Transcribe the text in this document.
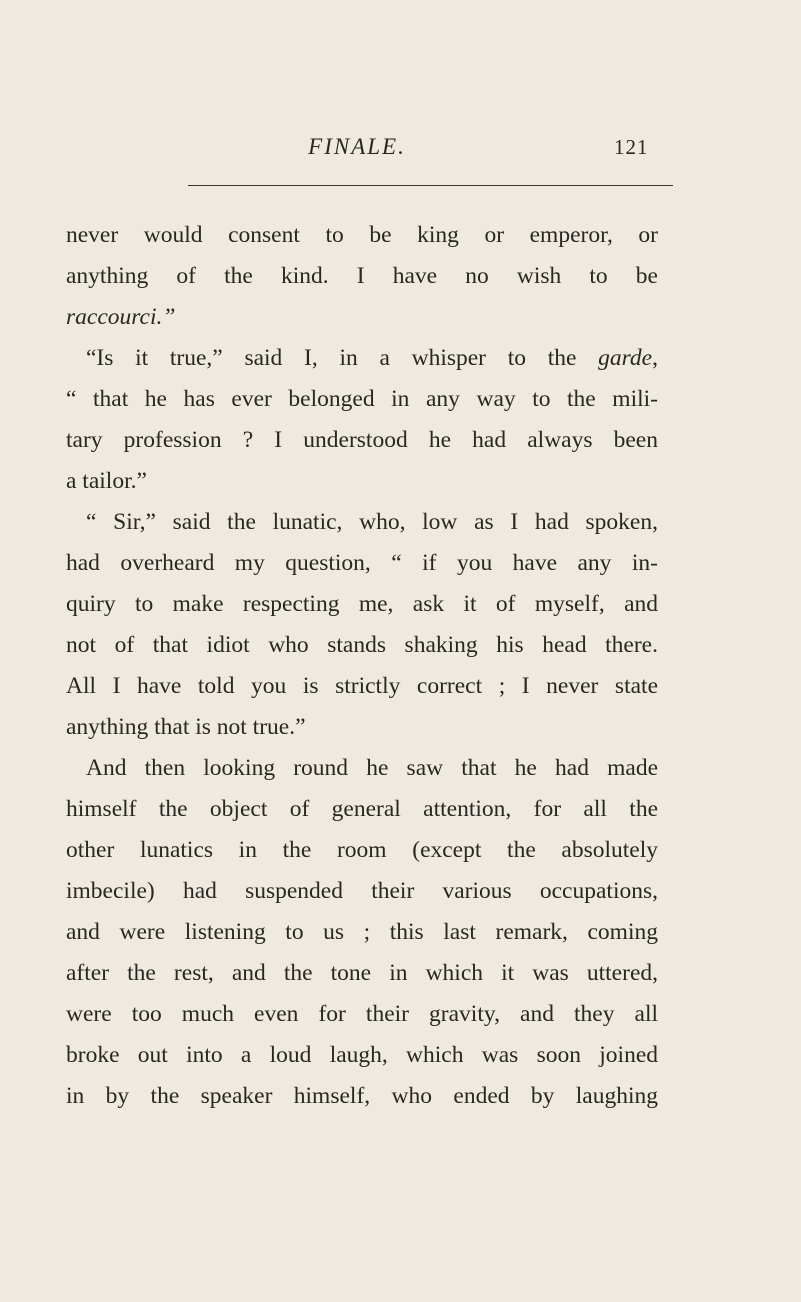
FINALE.	121
never would consent to be king or emperor, or
anything of the kind. I have no wish to be
raccourci.”
“Is it true,” said I, in a whisper to the garde,
“ that he has ever belonged in any way to the mili-
tary profession ? I understood he had always been
a tailor.”
“ Sir,” said the lunatic, who, low as I had spoken,
had overheard my question, “ if you have any in-
quiry to make respecting me, ask it of myself, and
not of that idiot who stands shaking his head there.
All I have told you is strictly correct ; I never state
anything that is not true.”
And then looking round he saw that he had made
himself the object of general attention, for all the
other lunatics in the room (except the absolutely
imbecile) had suspended their various occupations,
and were listening to us ; this last remark, coming
after the rest, and the tone in which it was uttered,
were too much even for their gravity, and they all
broke out into a loud laugh, which was soon joined
in by the speaker himself, who ended by laughing
